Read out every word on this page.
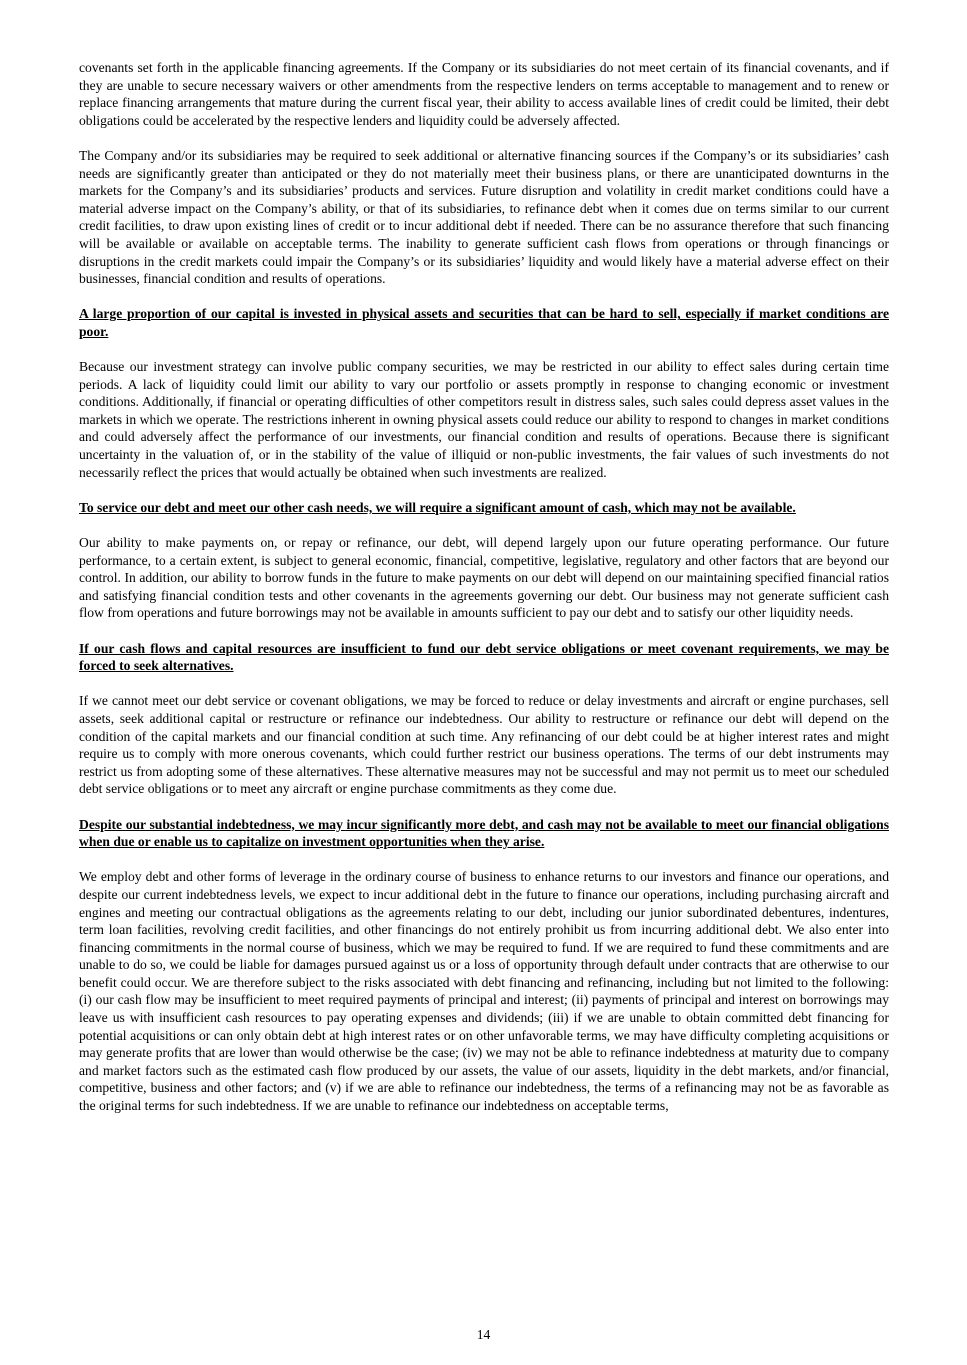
covenants set forth in the applicable financing agreements. If the Company or its subsidiaries do not meet certain of its financial covenants, and if they are unable to secure necessary waivers or other amendments from the respective lenders on terms acceptable to management and to renew or replace financing arrangements that mature during the current fiscal year, their ability to access available lines of credit could be limited, their debt obligations could be accelerated by the respective lenders and liquidity could be adversely affected.

The Company and/or its subsidiaries may be required to seek additional or alternative financing sources if the Company’s or its subsidiaries’ cash needs are significantly greater than anticipated or they do not materially meet their business plans, or there are unanticipated downturns in the markets for the Company’s and its subsidiaries’ products and services. Future disruption and volatility in credit market conditions could have a material adverse impact on the Company’s ability, or that of its subsidiaries, to refinance debt when it comes due on terms similar to our current credit facilities, to draw upon existing lines of credit or to incur additional debt if needed. There can be no assurance therefore that such financing will be available or available on acceptable terms. The inability to generate sufficient cash flows from operations or through financings or disruptions in the credit markets could impair the Company’s or its subsidiaries’ liquidity and would likely have a material adverse effect on their businesses, financial condition and results of operations.

A large proportion of our capital is invested in physical assets and securities that can be hard to sell, especially if market conditions are poor.

Because our investment strategy can involve public company securities, we may be restricted in our ability to effect sales during certain time periods. A lack of liquidity could limit our ability to vary our portfolio or assets promptly in response to changing economic or investment conditions. Additionally, if financial or operating difficulties of other competitors result in distress sales, such sales could depress asset values in the markets in which we operate. The restrictions inherent in owning physical assets could reduce our ability to respond to changes in market conditions and could adversely affect the performance of our investments, our financial condition and results of operations. Because there is significant uncertainty in the valuation of, or in the stability of the value of illiquid or non-public investments, the fair values of such investments do not necessarily reflect the prices that would actually be obtained when such investments are realized.

To service our debt and meet our other cash needs, we will require a significant amount of cash, which may not be available.

Our ability to make payments on, or repay or refinance, our debt, will depend largely upon our future operating performance. Our future performance, to a certain extent, is subject to general economic, financial, competitive, legislative, regulatory and other factors that are beyond our control. In addition, our ability to borrow funds in the future to make payments on our debt will depend on our maintaining specified financial ratios and satisfying financial condition tests and other covenants in the agreements governing our debt. Our business may not generate sufficient cash flow from operations and future borrowings may not be available in amounts sufficient to pay our debt and to satisfy our other liquidity needs.

If our cash flows and capital resources are insufficient to fund our debt service obligations or meet covenant requirements, we may be forced to seek alternatives.

If we cannot meet our debt service or covenant obligations, we may be forced to reduce or delay investments and aircraft or engine purchases, sell assets, seek additional capital or restructure or refinance our indebtedness. Our ability to restructure or refinance our debt will depend on the condition of the capital markets and our financial condition at such time. Any refinancing of our debt could be at higher interest rates and might require us to comply with more onerous covenants, which could further restrict our business operations. The terms of our debt instruments may restrict us from adopting some of these alternatives. These alternative measures may not be successful and may not permit us to meet our scheduled debt service obligations or to meet any aircraft or engine purchase commitments as they come due.

Despite our substantial indebtedness, we may incur significantly more debt, and cash may not be available to meet our financial obligations when due or enable us to capitalize on investment opportunities when they arise.

We employ debt and other forms of leverage in the ordinary course of business to enhance returns to our investors and finance our operations, and despite our current indebtedness levels, we expect to incur additional debt in the future to finance our operations, including purchasing aircraft and engines and meeting our contractual obligations as the agreements relating to our debt, including our junior subordinated debentures, indentures, term loan facilities, revolving credit facilities, and other financings do not entirely prohibit us from incurring additional debt. We also enter into financing commitments in the normal course of business, which we may be required to fund. If we are required to fund these commitments and are unable to do so, we could be liable for damages pursued against us or a loss of opportunity through default under contracts that are otherwise to our benefit could occur. We are therefore subject to the risks associated with debt financing and refinancing, including but not limited to the following: (i) our cash flow may be insufficient to meet required payments of principal and interest; (ii) payments of principal and interest on borrowings may leave us with insufficient cash resources to pay operating expenses and dividends; (iii) if we are unable to obtain committed debt financing for potential acquisitions or can only obtain debt at high interest rates or on other unfavorable terms, we may have difficulty completing acquisitions or may generate profits that are lower than would otherwise be the case; (iv) we may not be able to refinance indebtedness at maturity due to company and market factors such as the estimated cash flow produced by our assets, the value of our assets, liquidity in the debt markets, and/or financial, competitive, business and other factors; and (v) if we are able to refinance our indebtedness, the terms of a refinancing may not be as favorable as the original terms for such indebtedness. If we are unable to refinance our indebtedness on acceptable terms,

14
